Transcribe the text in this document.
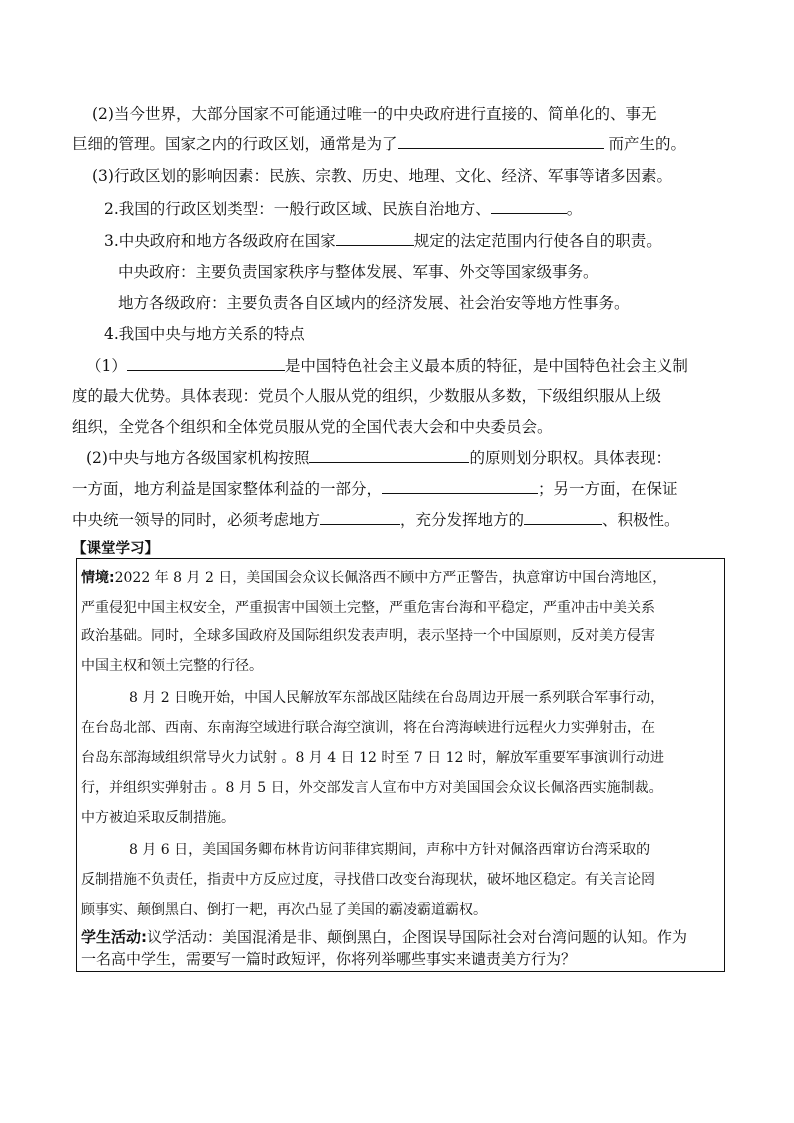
(2)当今世界，大部分国家不可能通过唯一的中央政府进行直接的、简单化的、事无
巨细的管理。国家之内的行政区划，通常是为了	而产生的。
(3)行政区划的影响因素：民族、宗教、历史、地理、文化、经济、军事等诸多因素。
2.我国的行政区划类型：一般行政区域、民族自治地方、	。
3.中央政府和地方各级政府在国家	规定的法定范围内行使各自的职责。
中央政府：主要负责国家秩序与整体发展、军事、外交等国家级事务。
地方各级政府：主要负责各自区域内的经济发展、社会治安等地方性事务。
4.我国中央与地方关系的特点
（1）	是中国特色社会主义最本质的特征，是中国特色社会主义制
度的最大优势。具体表现：党员个人服从党的组织，少数服从多数，下级组织服从上级
组织，全党各个组织和全体党员服从党的全国代表大会和中央委员会。
(2)中央与地方各级国家机构按照	的原则划分职权。具体表现：
一方面，地方利益是国家整体利益的一部分，	；另一方面，在保证
中央统一领导的同时，必须考虑地方	，充分发挥地方的	、积极性。
【课堂学习】
情境:2022 年 8 月 2 日，美国国会众议长佩洛西不顾中方严正警告，执意窜访中国台湾地区，
严重侵犯中国主权安全，严重损害中国领土完整，严重危害台海和平稳定，严重冲击中美关系
政治基础。同时，全球多国政府及国际组织发表声明，表示坚持一个中国原则，反对美方侵害
中国主权和领土完整的行径。
8 月 2 日晚开始，中国人民解放军东部战区陆续在台岛周边开展一系列联合军事行动，
在台岛北部、西南、东南海空域进行联合海空演训，将在台湾海峡进行远程火力实弹射击，在
台岛东部海域组织常导火力试射 。8 月 4 日 12 时至 7 日 12 时，解放军重要军事演训行动进
行，并组织实弹射击 。8 月 5 日，外交部发言人宣布中方对美国国会众议长佩洛西实施制裁。
中方被迫采取反制措施。
8 月 6 日，美国国务卿布林肯访问菲律宾期间，声称中方针对佩洛西窜访台湾采取的
反制措施不负责任，指责中方反应过度，寻找借口改变台海现状，破坏地区稳定。有关言论罔
顾事实、颠倒黑白、倒打一耙，再次凸显了美国的霸凌霸道霸权。
学生活动:议学活动：美国混淆是非、颠倒黑白，企图误导国际社会对台湾问题的认知。作为
一名高中学生，需要写一篇时政短评，你将列举哪些事实来谴责美方行为？
